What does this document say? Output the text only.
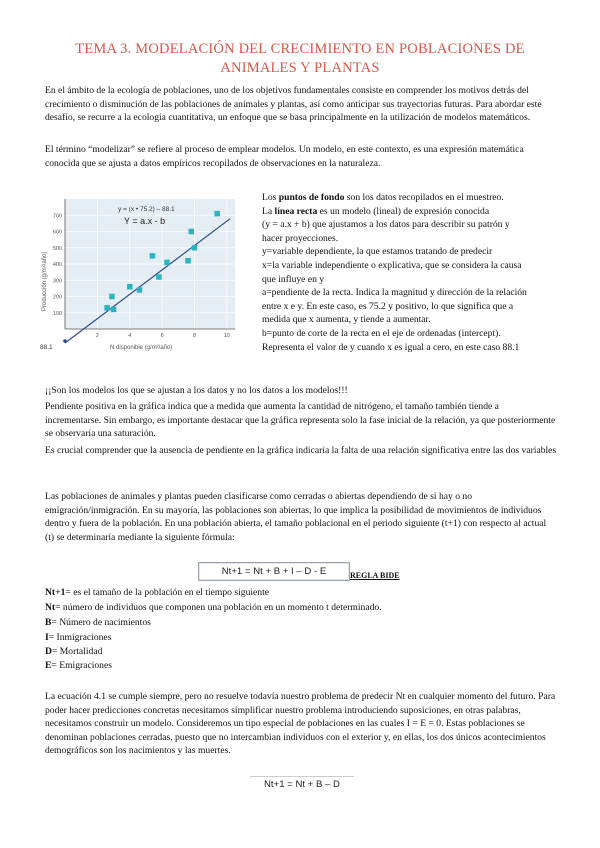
TEMA 3. MODELACIÓN DEL CRECIMIENTO EN POBLACIONES DE ANIMALES Y PLANTAS

En el ámbito de la ecología de poblaciones, uno de los objetivos fundamentales consiste en comprender los motivos detrás del crecimiento o disminución de las poblaciones de animales y plantas, así como anticipar sus trayectorias futuras. Para abordar este desafío, se recurre a la ecología cuantitativa, un enfoque que se basa principalmente en la utilización de modelos matemáticos.

El término “modelizar” se refiere al proceso de emplear modelos. Un modelo, en este contexto, es una expresión matemática conocida que se ajusta a datos empíricos recopilados de observaciones en la naturaleza.

100
200
300
400
500
600
700
2	4	6	8	10
y = (x • 75.2) – 88.1
Y = a.x - b
88.1	N disponible (g/m²/año)
Producción (g/m²/año)
Los puntos de fondo son los datos recopilados en el muestreo.
La línea recta es un modelo (lineal) de expresión conocida
(y = a.x + b) que ajustamos a los datos para describir su patrón y
hacer proyecciones.
y=variable dependiente, la que estamos tratando de predecir
x=la variable independiente o explicativa, que se considera la causa
que influye en y
a=pendiente de la recta. Indica la magnitud y dirección de la relación
entre x e y. En este caso, es 75.2 y positivo, lo que significa que a
medida que x aumenta, y tiende a aumentar.
b=punto de corte de la recta en el eje de ordenadas (intercept).
Representa el valor de y cuando x es igual a cero, en este caso 88.1

¡¡Son los modelos los que se ajustan a los datos y no los datos a los modelos!!!

Pendiente positiva en la gráfica indica que a medida que aumenta la cantidad de nitrógeno, el tamaño también tiende a incrementarse. Sin embargo, es importante destacar que la gráfica representa solo la fase inicial de la relación, ya que posteriormente se observaría una saturación.

Es crucial comprender que la ausencia de pendiente en la gráfica indicaría la falta de una relación significativa entre las dos variables

Las poblaciones de animales y plantas pueden clasificarse como cerradas o abiertas dependiendo de si hay o no emigración/inmigración. En su mayoría, las poblaciones son abiertas, lo que implica la posibilidad de movimientos de individuos dentro y fuera de la población. En una población abierta, el tamaño poblacional en el periodo siguiente (t+1) con respecto al actual (t) se determinaría mediante la siguiente fórmula:

Nt+1 = Nt + B + I – D - E	REGLA BIDE
Nt+1= es el tamaño de la población en el tiempo siguiente
Nt= número de individuos que componen una población en un momento t determinado.
B= Número de nacimientos
I= Inmigraciones
D= Mortalidad
E= Emigraciones

La ecuación 4.1 se cumple siempre, pero no resuelve todavía nuestro problema de predecir Nt en cualquier momento del futuro. Para poder hacer predicciones concretas necesitamos simplificar nuestro problema introduciendo suposiciones, en otras palabras, necesitamos construir un modelo. Consideremos un tipo especial de poblaciones en las cuales I = E = 0. Estas poblaciones se denominan poblaciones cerradas, puesto que no intercambian individuos con el exterior y, en ellas, los dos únicos acontecimientos demográficos son los nacimientos y las muertes.

Nt+1 = Nt + B – D
